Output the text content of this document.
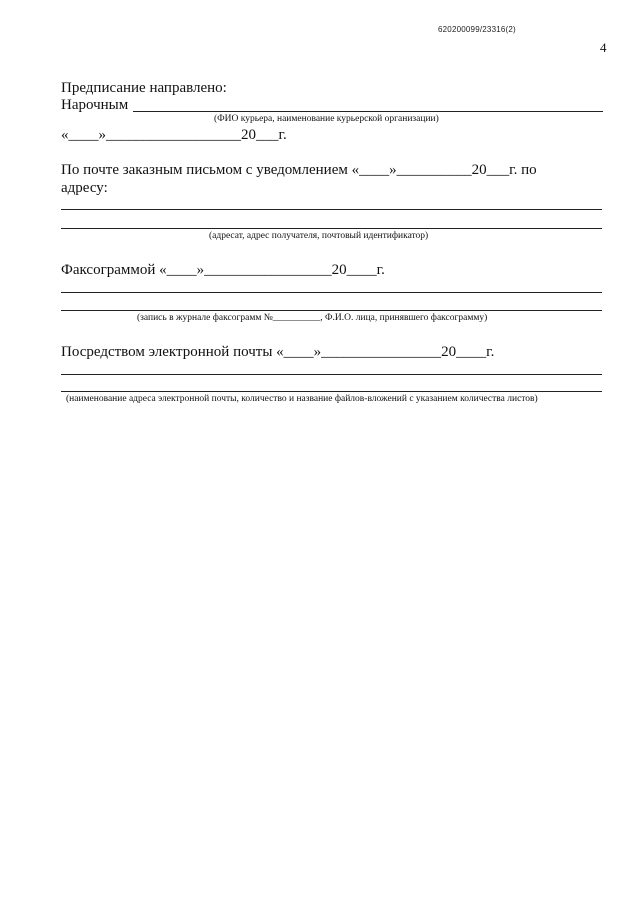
620200099/23316(2)
4
Предписание направлено:
Нарочным
(ФИО курьера, наименование курьерской организации)
«____»__________________20___г.
По почте заказным письмом с уведомлением «____»__________20___г. по
адресу:
(адресат, адрес получателя, почтовый идентификатор)
Факсограммой «____»_________________20____г.
(запись в журнале факсограмм №__________, Ф.И.О. лица, принявшего факсограмму)
Посредством электронной почты «____»________________20____г.
(наименование адреса электронной почты, количество и название файлов-вложений с указанием количества листов)
